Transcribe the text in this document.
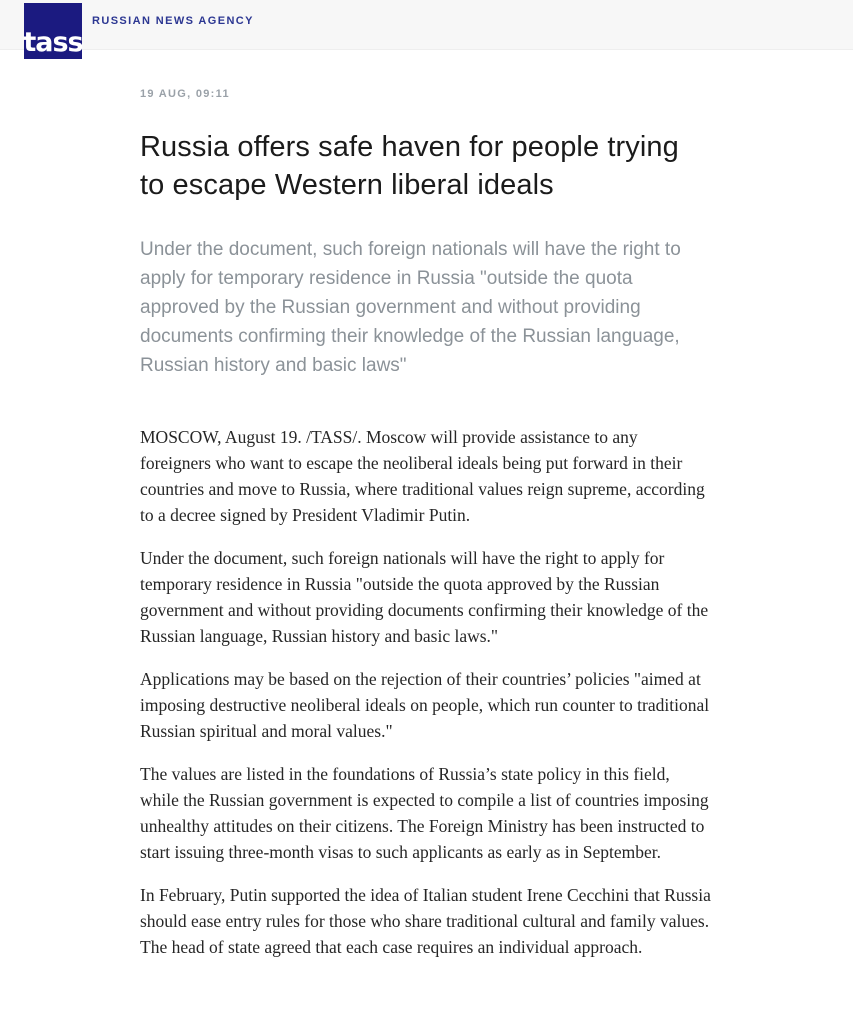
RUSSIAN NEWS AGENCY
tass
19 AUG, 09:11
Russia offers safe haven for people trying to escape Western liberal ideals
Under the document, such foreign nationals will have the right to apply for temporary residence in Russia "outside the quota approved by the Russian government and without providing documents confirming their knowledge of the Russian language, Russian history and basic laws"

MOSCOW, August 19. /TASS/. Moscow will provide assistance to any foreigners who want to escape the neoliberal ideals being put forward in their countries and move to Russia, where traditional values reign supreme, according to a decree signed by President Vladimir Putin.

Under the document, such foreign nationals will have the right to apply for temporary residence in Russia "outside the quota approved by the Russian government and without providing documents confirming their knowledge of the Russian language, Russian history and basic laws."

Applications may be based on the rejection of their countries’ policies "aimed at imposing destructive neoliberal ideals on people, which run counter to traditional Russian spiritual and moral values."

The values are listed in the foundations of Russia’s state policy in this field, while the Russian government is expected to compile a list of countries imposing unhealthy attitudes on their citizens. The Foreign Ministry has been instructed to start issuing three-month visas to such applicants as early as in September.

In February, Putin supported the idea of Italian student Irene Cecchini that Russia should ease entry rules for those who share traditional cultural and family values. The head of state agreed that each case requires an individual approach.
